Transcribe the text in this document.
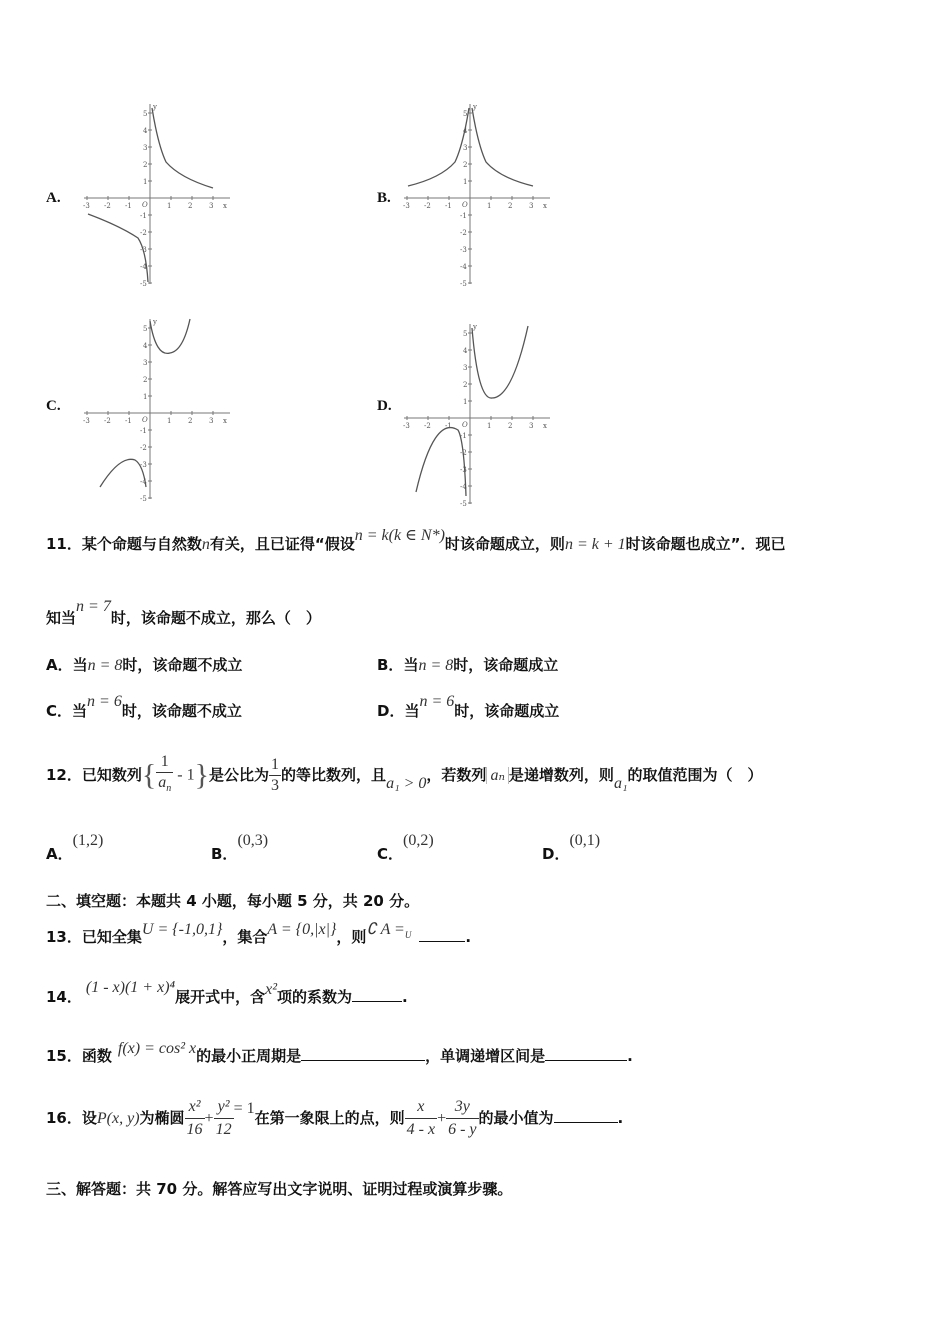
A.	B.
C.	D.
x
y
O
-3 -2 -1	1 2 3
1
2
3
4
5
-1
-2
-3
-4
-5
x
y
O
-3 -2 -1	1 2 3
1
2
3
4
5
-1
-2
-3
-4
-5
x
y
O
-3 -2 -1	1 2 3
1
2
3
4
5
-1
-2
-3
-4
-5
x
y
O
-3 -2 -1	1 2 3
1
2
3
4
5
-1
-2
-3
-4
-5
11．某个命题与自然数n有关，且已证得“假设n = k(k ∈ N*)时该命题成立，则n = k + 1时该命题也成立”．现已
知当n = 7时，该命题不成立，那么（　）
A．当n = 8时，该命题不成立	B．当n = 8时，该命题成立
C．当n = 6时，该命题不成立	D．当n = 6时，该命题成立
12．已知数列{ $\frac{1}{a_n} - 1$}是公比为 $\frac{1}{3}$ 的等比数列，且a₁ > 0，若数列 aₙ 是递增数列，则a₁的取值范围为（　）
A．(1,2)
B．(0,3)
C．(0,2)
D．(0,1)
二、填空题：本题共 4 小题，每小题 5 分，共 20 分。
13．已知全集U = {-1,0,1}，集合A = {0,|x|}，则∁ $A =_U$	.
14．(1 - x)(1 + x)⁴展开式中，含x²项的系数为	.
15．函数 f(x) = cos² x的最小正周期是	，单调递增区间是	.
16．设P(x, y)为椭圆 $\frac{\text{x²}}{16} + \frac{\text{y²}}{12} = 1$在第一象限上的点，则 $\frac{x}{4 - x} + \frac{3y}{6 - y}$ 的最小值为	.
三、解答题：共 70 分。解答应写出文字说明、证明过程或演算步骤。
